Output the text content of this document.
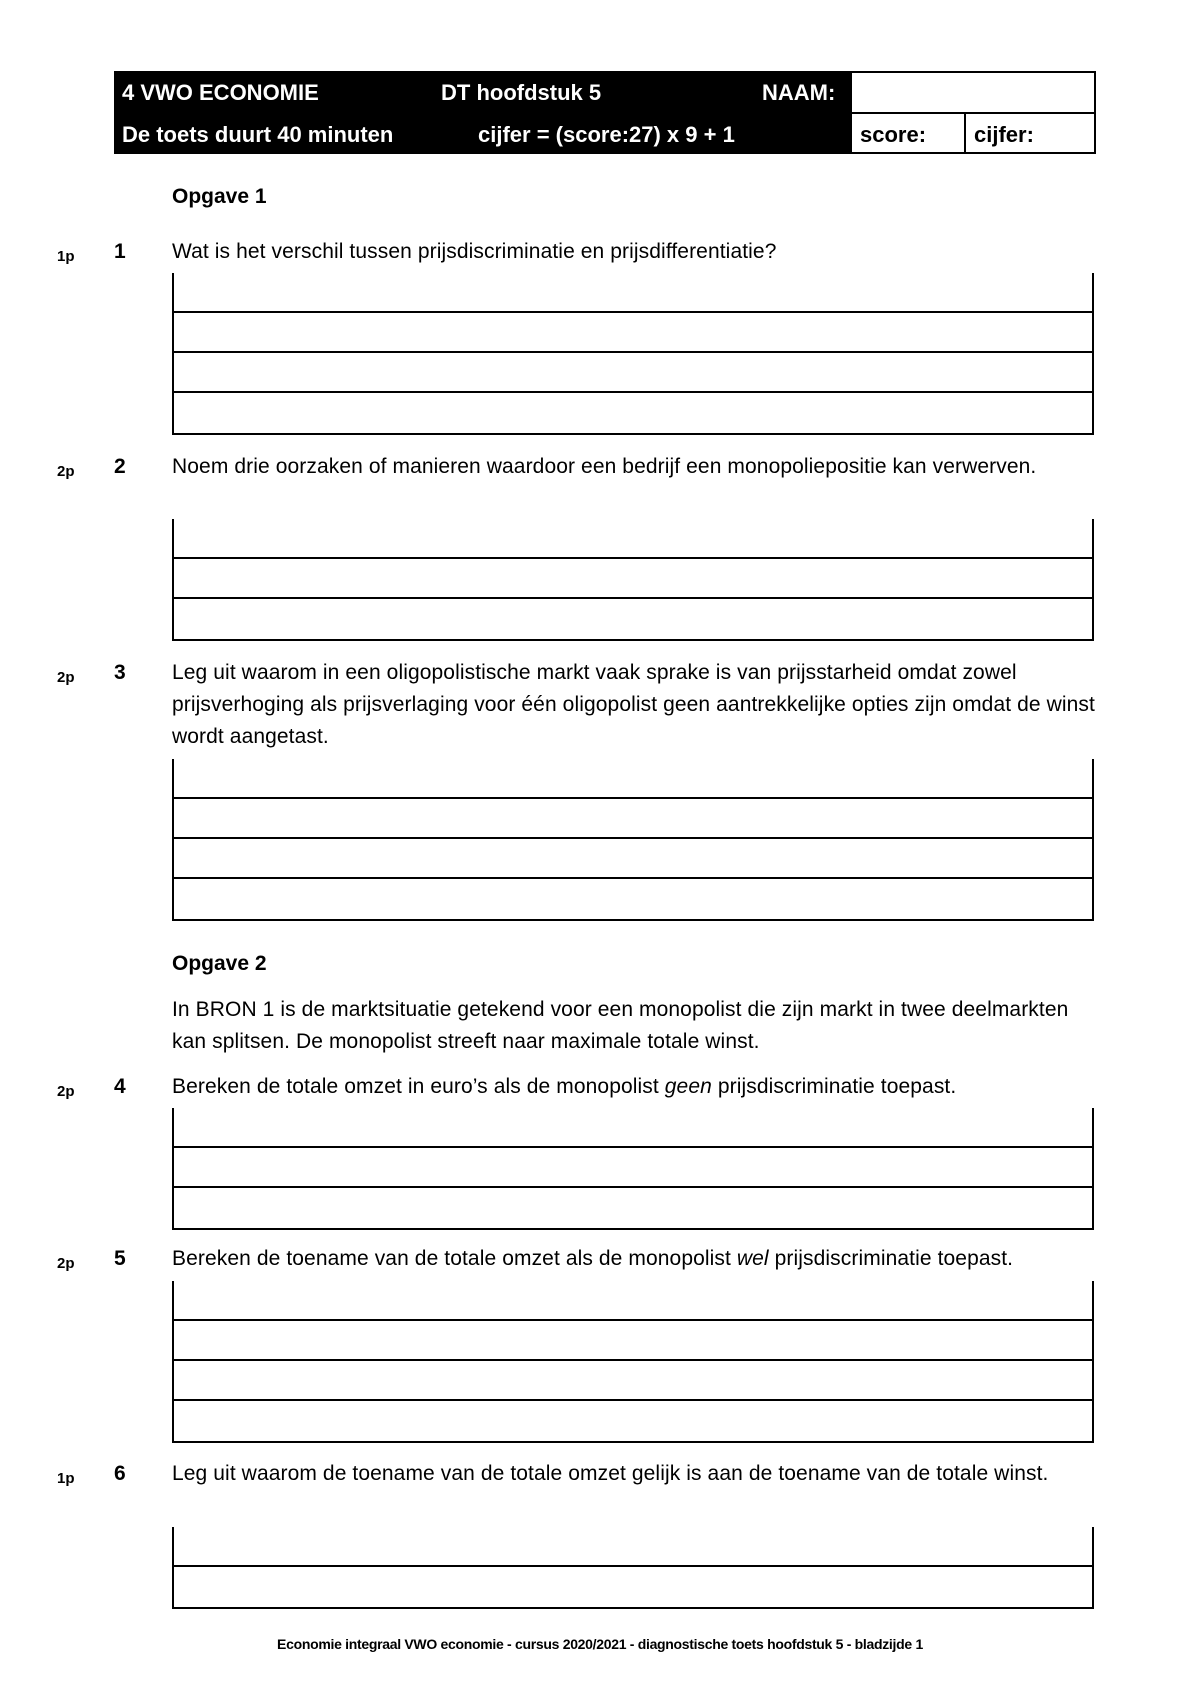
4 VWO ECONOMIE	DT hoofdstuk 5	NAAM:
De toets duurt 40 minuten	cijfer = (score:27) x 9 + 1	score: cijfer:
Opgave 1
1p 1 Wat is het verschil tussen prijsdiscriminatie en prijsdifferentiatie?
2p 2 Noem drie oorzaken of manieren waardoor een bedrijf een monopoliepositie kan verwerven.
2p 3 Leg uit waarom in een oligopolistische markt vaak sprake is van prijsstarheid omdat zowel prijsverhoging als prijsverlaging voor één oligopolist geen aantrekkelijke opties zijn omdat de winst wordt aangetast.
Opgave 2
In BRON 1 is de marktsituatie getekend voor een monopolist die zijn markt in twee deelmarkten kan splitsen. De monopolist streeft naar maximale totale winst.
2p 4 Bereken de totale omzet in euro’s als de monopolist geen prijsdiscriminatie toepast.
2p 5 Bereken de toename van de totale omzet als de monopolist wel prijsdiscriminatie toepast.
1p 6 Leg uit waarom de toename van de totale omzet gelijk is aan de toename van de totale winst.
Economie integraal VWO economie - cursus 2020/2021 - diagnostische toets hoofdstuk 5 - bladzijde 1
